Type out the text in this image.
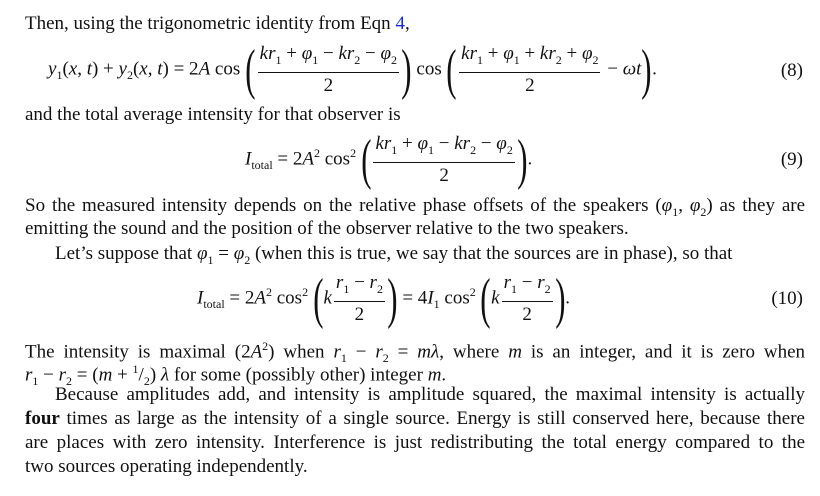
Then, using the trigonometric identity from Eqn 4,
$y_1(x$, $t) + y_2(x$, t) = 2A cos ( $\frac{kr_1 + \varphi_1 - kr_2 - \varphi_2}{2}$ ) cos ( $\frac{kr_1 + \varphi_1 + kr_2 + \varphi_2}{2} - \omega t$).	(8)
and the total average intensity for that observer is
$I_{total} = 2A^2$ $\cos^2$ ( $\frac{kr_1 + \varphi_1 - kr_2 - \varphi_2}{2}$ ).	(9)
So the measured intensity depends on the relative phase offsets of the speakers ($\varphi_1$, $\varphi_2$) as they are
emitting the sound and the position of the observer relative to the two speakers.
Let’s suppose that $\varphi_1 = \varphi_2$ (when this is true, we say that the sources are in phase), so that
$I_{total} = 2A^2$ $\cos^2 (k \frac{r_1 - r_2}{2}$ ) = $4I_1$ $\cos^2 (k \frac{r_1 - r_2}{2}$ ).	(10)
The intensity is maximal $(2A^2)$ when $r_1 - r_2 = m\lambda$, where m is an integer, and it is zero when
$r_1 - r_2 = (m + ^1/_2)$ λ for some (possibly other) integer m.
Because amplitudes add, and intensity is amplitude squared, the maximal intensity is actually
four times as large as the intensity of a single source. Energy is still conserved here, because there
are places with zero intensity. Interference is just redistributing the total energy compared to the
two sources operating independently.
